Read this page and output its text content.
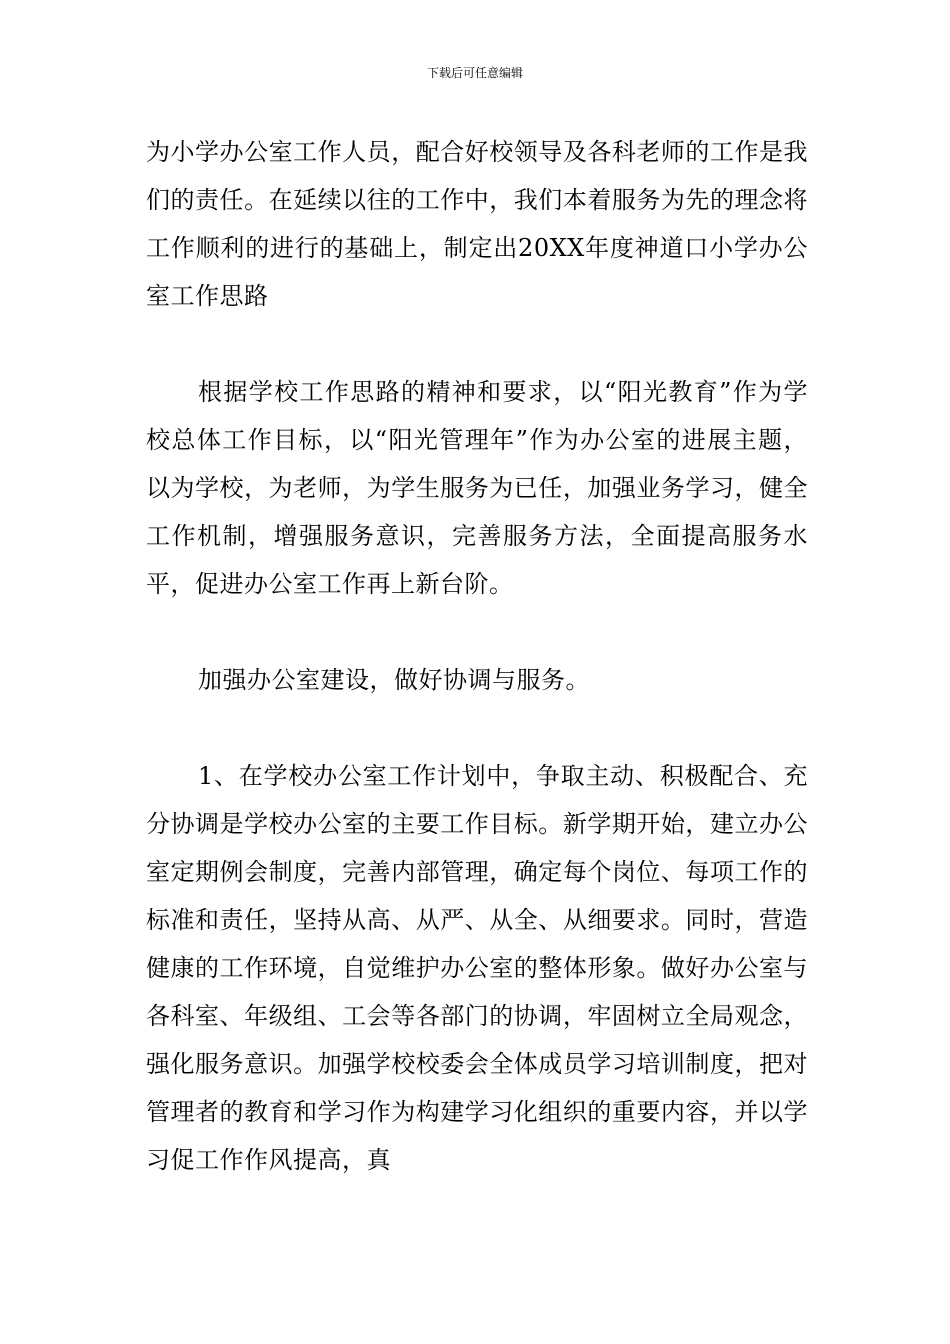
下载后可任意编辑

为小学办公室工作人员，配合好校领导及各科老师的工作是我们的责任。在延续以往的工作中，我们本着服务为先的理念将工作顺利的进行的基础上，制定出20XX年度神道口小学办公室工作思路

根据学校工作思路的精神和要求，以“阳光教育”作为学校总体工作目标，以“阳光管理年”作为办公室的进展主题，以为学校，为老师，为学生服务为已任，加强业务学习，健全工作机制，增强服务意识，完善服务方法，全面提高服务水平，促进办公室工作再上新台阶。

加强办公室建设，做好协调与服务。

1、在学校办公室工作计划中，争取主动、积极配合、充分协调是学校办公室的主要工作目标。新学期开始，建立办公室定期例会制度，完善内部管理，确定每个岗位、每项工作的标准和责任，坚持从高、从严、从全、从细要求。同时，营造健康的工作环境，自觉维护办公室的整体形象。做好办公室与各科室、年级组、工会等各部门的协调，牢固树立全局观念，强化服务意识。加强学校校委会全体成员学习培训制度，把对管理者的教育和学习作为构建学习化组织的重要内容，并以学习促工作作风提高，真
